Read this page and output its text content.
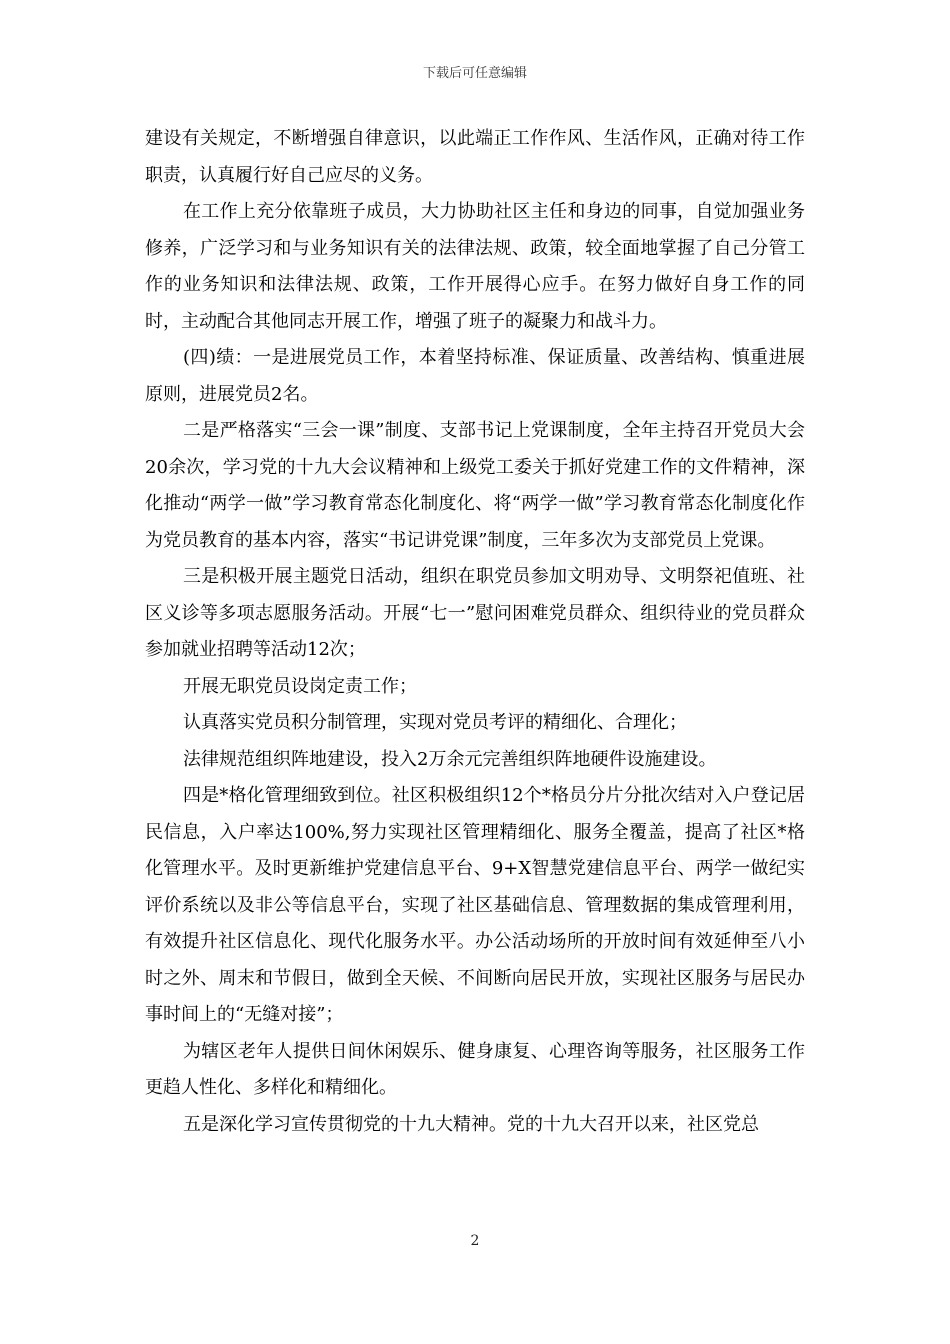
下载后可任意编辑

建设有关规定，不断增强自律意识，以此端正工作作风、生活作风，正确对待工作职责，认真履行好自己应尽的义务。

在工作上充分依靠班子成员，大力协助社区主任和身边的同事，自觉加强业务修养，广泛学习和与业务知识有关的法律法规、政策，较全面地掌握了自己分管工作的业务知识和法律法规、政策，工作开展得心应手。在努力做好自身工作的同时，主动配合其他同志开展工作，增强了班子的凝聚力和战斗力。

(四)绩：一是进展党员工作，本着坚持标准、保证质量、改善结构、慎重进展原则，进展党员2名。

二是严格落实“三会一课”制度、支部书记上党课制度，全年主持召开党员大会20余次，学习党的十九大会议精神和上级党工委关于抓好党建工作的文件精神，深化推动“两学一做”学习教育常态化制度化、将“两学一做”学习教育常态化制度化作为党员教育的基本内容，落实“书记讲党课”制度，三年多次为支部党员上党课。

三是积极开展主题党日活动，组织在职党员参加文明劝导、文明祭祀值班、社区义诊等多项志愿服务活动。开展“七一”慰问困难党员群众、组织待业的党员群众参加就业招聘等活动12次；

开展无职党员设岗定责工作；

认真落实党员积分制管理，实现对党员考评的精细化、合理化；

法律规范组织阵地建设，投入2万余元完善组织阵地硬件设施建设。

四是*格化管理细致到位。社区积极组织12个*格员分片分批次结对入户登记居民信息，入户率达100%,努力实现社区管理精细化、服务全覆盖，提高了社区*格化管理水平。及时更新维护党建信息平台、9+X智慧党建信息平台、两学一做纪实评价系统以及非公等信息平台，实现了社区基础信息、管理数据的集成管理利用，有效提升社区信息化、现代化服务水平。办公活动场所的开放时间有效延伸至八小时之外、周末和节假日，做到全天候、不间断向居民开放，实现社区服务与居民办事时间上的“无缝对接”；

为辖区老年人提供日间休闲娱乐、健身康复、心理咨询等服务，社区服务工作更趋人性化、多样化和精细化。

五是深化学习宣传贯彻党的十九大精神。党的十九大召开以来，社区党总

2
